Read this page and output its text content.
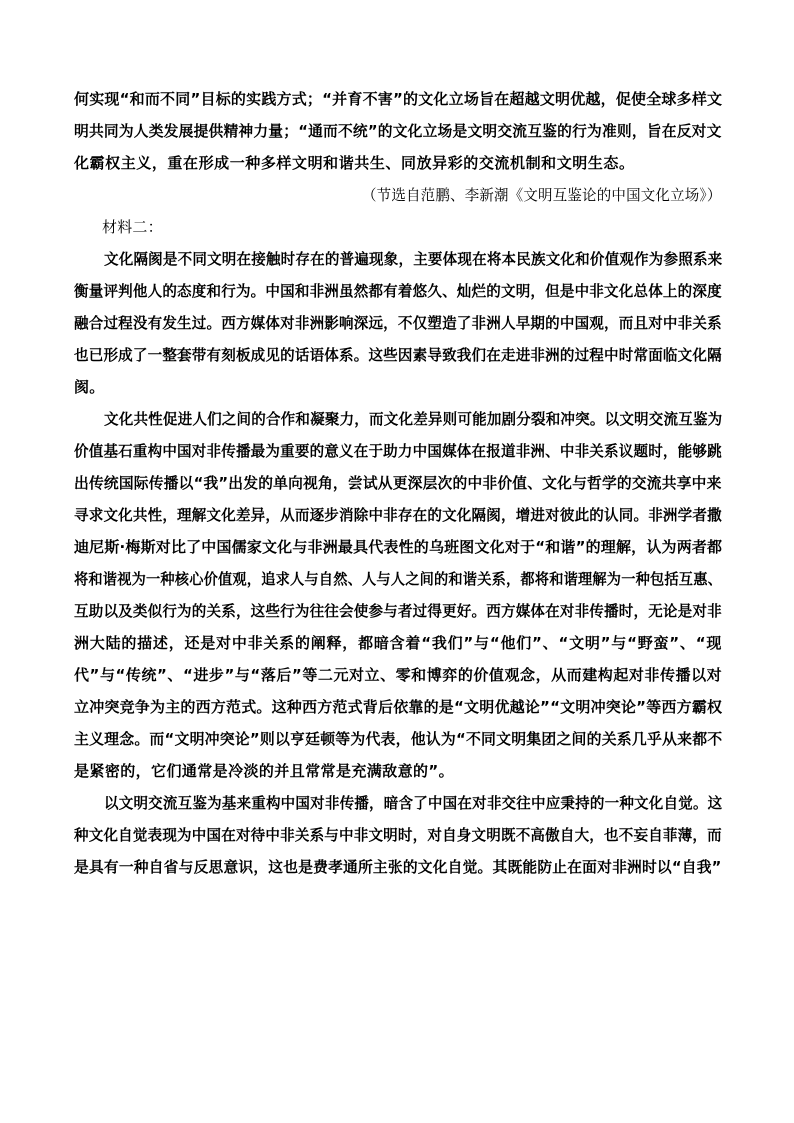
何实现“和而不同”目标的实践方式；“并育不害”的文化立场旨在超越文明优越，促使全球多样文
明共同为人类发展提供精神力量；“通而不统”的文化立场是文明交流互鉴的行为准则，旨在反对文
化霸权主义，重在形成一种多样文明和谐共生、同放异彩的交流机制和文明生态。
（节选自范鹏、李新潮《文明互鉴论的中国文化立场》）
材料二：
文化隔阂是不同文明在接触时存在的普遍现象，主要体现在将本民族文化和价值观作为参照系来
衡量评判他人的态度和行为。中国和非洲虽然都有着悠久、灿烂的文明，但是中非文化总体上的深度
融合过程没有发生过。西方媒体对非洲影响深远，不仅塑造了非洲人早期的中国观，而且对中非关系
也已形成了一整套带有刻板成见的话语体系。这些因素导致我们在走进非洲的过程中时常面临文化隔
阂。
文化共性促进人们之间的合作和凝聚力，而文化差异则可能加剧分裂和冲突。以文明交流互鉴为
价值基石重构中国对非传播最为重要的意义在于助力中国媒体在报道非洲、中非关系议题时，能够跳
出传统国际传播以“我”出发的单向视角，尝试从更深层次的中非价值、文化与哲学的交流共享中来
寻求文化共性，理解文化差异，从而逐步消除中非存在的文化隔阂，增进对彼此的认同。非洲学者撒
迪尼斯·梅斯对比了中国儒家文化与非洲最具代表性的乌班图文化对于“和谐”的理解，认为两者都
将和谐视为一种核心价值观，追求人与自然、人与人之间的和谐关系，都将和谐理解为一种包括互惠、
互助以及类似行为的关系，这些行为往往会使参与者过得更好。西方媒体在对非传播时，无论是对非
洲大陆的描述，还是对中非关系的阐释，都暗含着“我们”与“他们”、“文明”与“野蛮”、“现
代”与“传统”、“进步”与“落后”等二元对立、零和博弈的价值观念，从而建构起对非传播以对
立冲突竞争为主的西方范式。这种西方范式背后依靠的是“文明优越论”“文明冲突论”等西方霸权
主义理念。而“文明冲突论”则以亨廷顿等为代表，他认为“不同文明集团之间的关系几乎从来都不
是紧密的，它们通常是冷淡的并且常常是充满敌意的”。
以文明交流互鉴为基来重构中国对非传播，暗含了中国在对非交往中应秉持的一种文化自觉。这
种文化自觉表现为中国在对待中非关系与中非文明时，对自身文明既不高傲自大，也不妄自菲薄，而
是具有一种自省与反思意识，这也是费孝通所主张的文化自觉。其既能防止在面对非洲时以“自我”
